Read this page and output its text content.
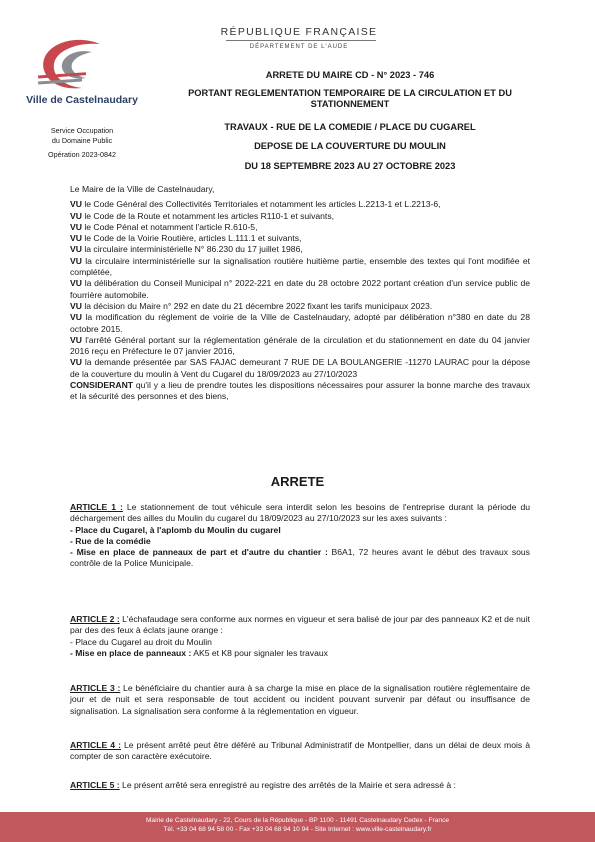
Ville de Castelnaudary
Service Occupation
du Domaine Public
Opération 2023-0842
RÉPUBLIQUE FRANÇAISE
DÉPARTEMENT DE L'AUDE
ARRETE DU MAIRE CD - N° 2023 - 746
PORTANT REGLEMENTATION TEMPORAIRE DE LA CIRCULATION ET DU
STATIONNEMENT
TRAVAUX - RUE DE LA COMEDIE / PLACE DU CUGAREL
DEPOSE DE LA COUVERTURE DU MOULIN
DU 18 SEPTEMBRE 2023 AU 27 OCTOBRE 2023

Le Maire de la Ville de Castelnaudary,

VU le Code Général des Collectivités Territoriales et notamment les articles L.2213-1 et L.2213-6,

VU le Code de la Route et notamment les articles R110-1 et suivants,

VU le Code Pénal et notamment l'article R.610-5,

VU le Code de la Voirie Routière, articles L.111.1 et suivants,

VU la circulaire interministérielle N° 86.230 du 17 juillet 1986,

VU la circulaire interministérielle sur la signalisation routière huitième partie, ensemble des textes qui l'ont modifiée et complétée,

VU la délibération du Conseil Municipal n° 2022-221 en date du 28 octobre 2022 portant création d'un service public de fourrière automobile.

VU la décision du Maire n° 292 en date du 21 décembre 2022 fixant les tarifs municipaux 2023.

VU la modification du règlement de voirie de la Ville de Castelnaudary, adopté par délibération n°380 en date du 28 octobre 2015.

VU l'arrêté Général portant sur la réglementation générale de la circulation et du stationnement en date du 04 janvier 2016 reçu en Préfecture le 07 janvier 2016,

VU la demande présentée par SAS FAJAC demeurant 7 RUE DE LA BOULANGERIE -11270 LAURAC pour la dépose de la couverture du moulin à Vent du Cugarel du 18/09/2023 au 27/10/2023

CONSIDERANT qu'il y a lieu de prendre toutes les dispositions nécessaires pour assurer la bonne marche des travaux et la sécurité des personnes et des biens,

ARRETE

ARTICLE 1 : Le stationnement de tout véhicule sera interdit selon les besoins de l'entreprise durant la période du déchargement des ailles du Moulin du cugarel du 18/09/2023 au 27/10/2023 sur les axes suivants :

- Place du Cugarel, à l'aplomb du Moulin du cugarel

- Rue de la comédie

- Mise en place de panneaux de part et d'autre du chantier : B6A1, 72 heures avant le début des travaux sous contrôle de la Police Municipale.

ARTICLE 2 : L'échafaudage sera conforme aux normes en vigueur et sera balisé de jour par des panneaux K2 et de nuit par des des feux à éclats jaune orange :

- Place du Cugarel au droit du Moulin

- Mise en place de panneaux : AK5 et K8 pour signaler les travaux

ARTICLE 3 : Le bénéficiaire du chantier aura à sa charge la mise en place de la signalisation routière réglementaire de jour et de nuit et sera responsable de tout accident ou incident pouvant survenir par défaut ou insuffisance de signalisation. La signalisation sera conforme à la réglementation en vigueur.

ARTICLE 4 : Le présent arrêté peut être déféré au Tribunal Administratif de Montpellier, dans un délai de deux mois à compter de son caractère exécutoire.

ARTICLE 5 : Le présent arrêté sera enregistré au registre des arrêtés de la Mairie et sera adressé à :

Mairie de Castelnaudary - 22, Cours de la République - BP 1100 - 11491 Castelnaudary Cedex - France
Tél. +33 04 68 94 58 00 - Fax +33 04 68 94 10 94 - Site Internet : www.ville-castelnaudary.fr
